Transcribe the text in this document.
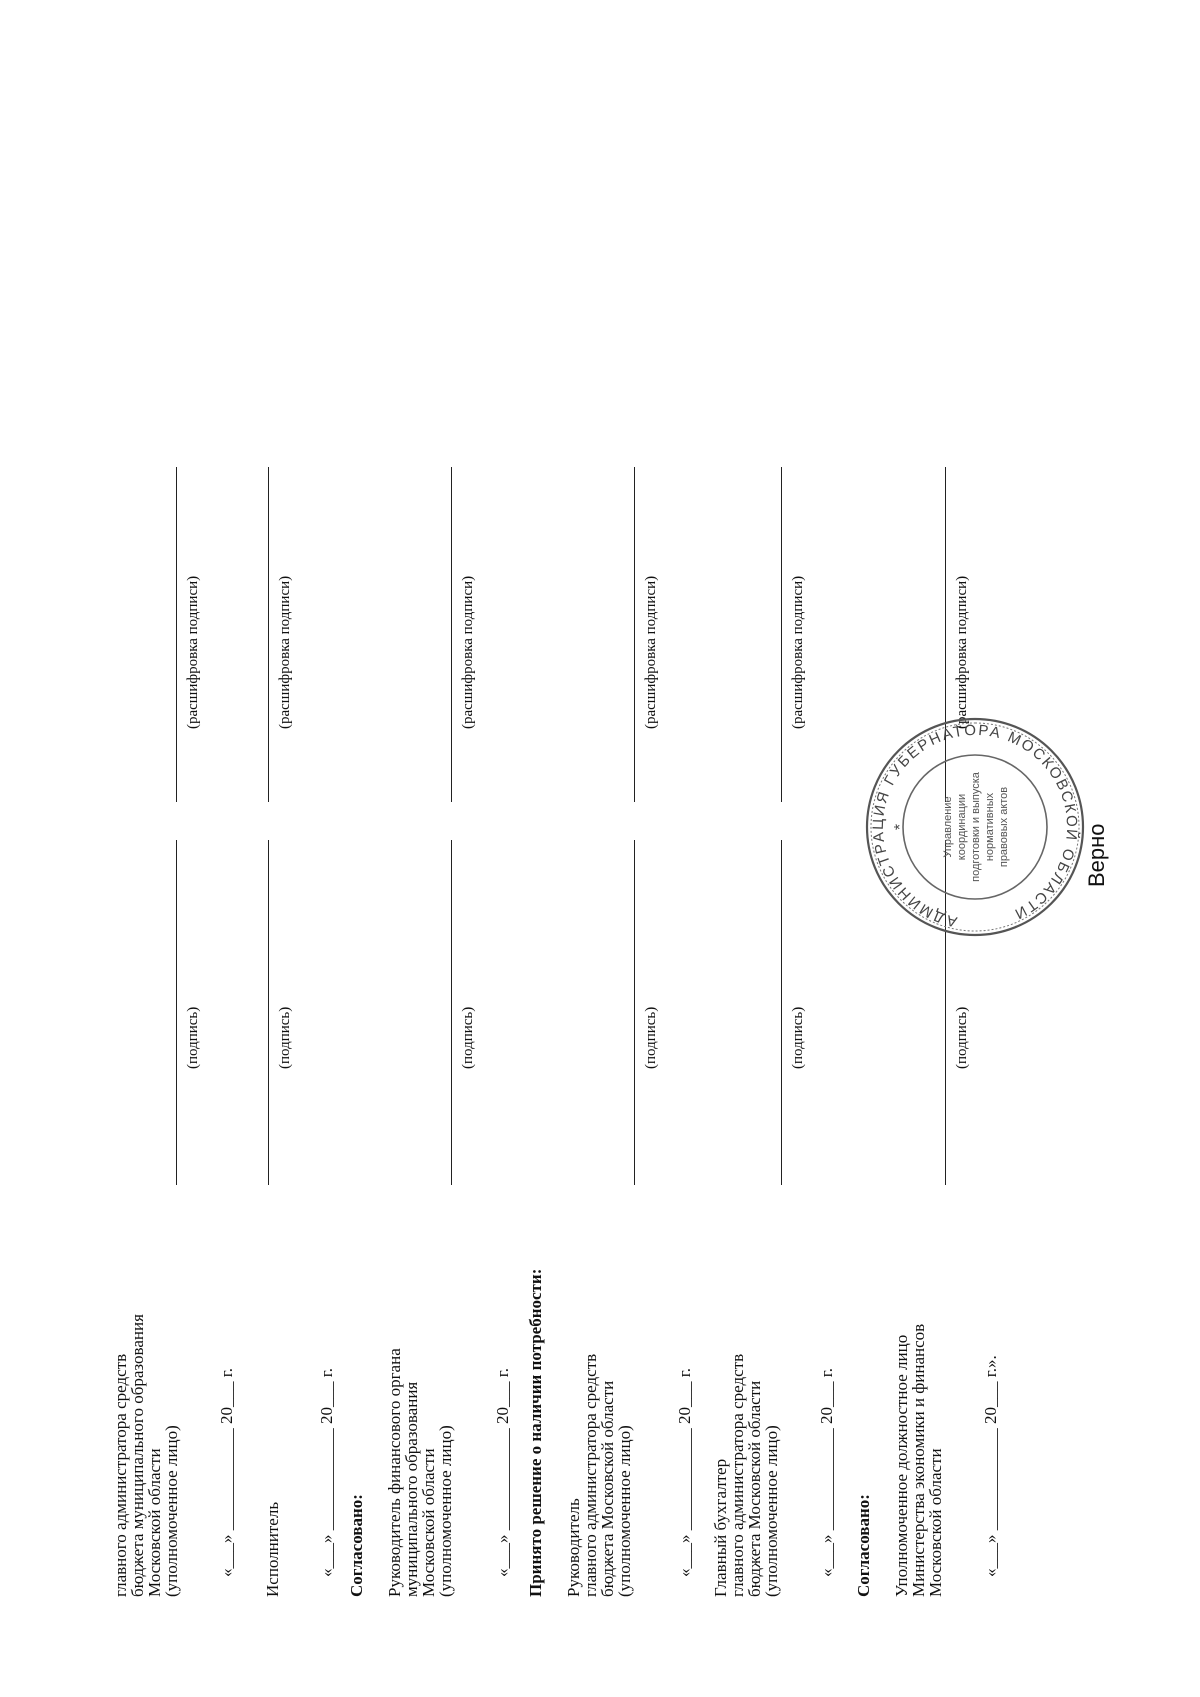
главного администратора средств
бюджета муниципального образования
Московской области
(уполномоченное лицо) «___» ____________ 20___ г.
(подпись)
(расшифровка подписи)
Исполнитель «___» ____________ 20___ г.
(подпись)
(расшифровка подписи)
Согласовано: Руководитель финансового органа
муниципального образования
Московской области
(уполномоченное лицо) «___» ____________ 20___ г.
(подпись)
(расшифровка подписи)
Принято решение о наличии потребности: Руководитель
главного администратора средств
бюджета Московской области
(уполномоченное лицо) «___» ____________ 20___ г.
(подпись)
(расшифровка подписи)
Главный бухгалтер
главного администратора средств
бюджета Московской области
(уполномоченное лицо) «___» ____________ 20___ г.
(подпись)
(расшифровка подписи)
Согласовано: Уполномоченное должностное лицо
Министерства экономики и финансов
Московской области «___» ____________ 20___ г.».
(подпись)
(расшифровка подписи)
АДМИНИСТРАЦИЯ ГУБЕРНАТОРА МОСКОВСКОЙ ОБЛАСТИ
*	Управление координации подготовки и выпуска нормативных правовых актов	Верно
